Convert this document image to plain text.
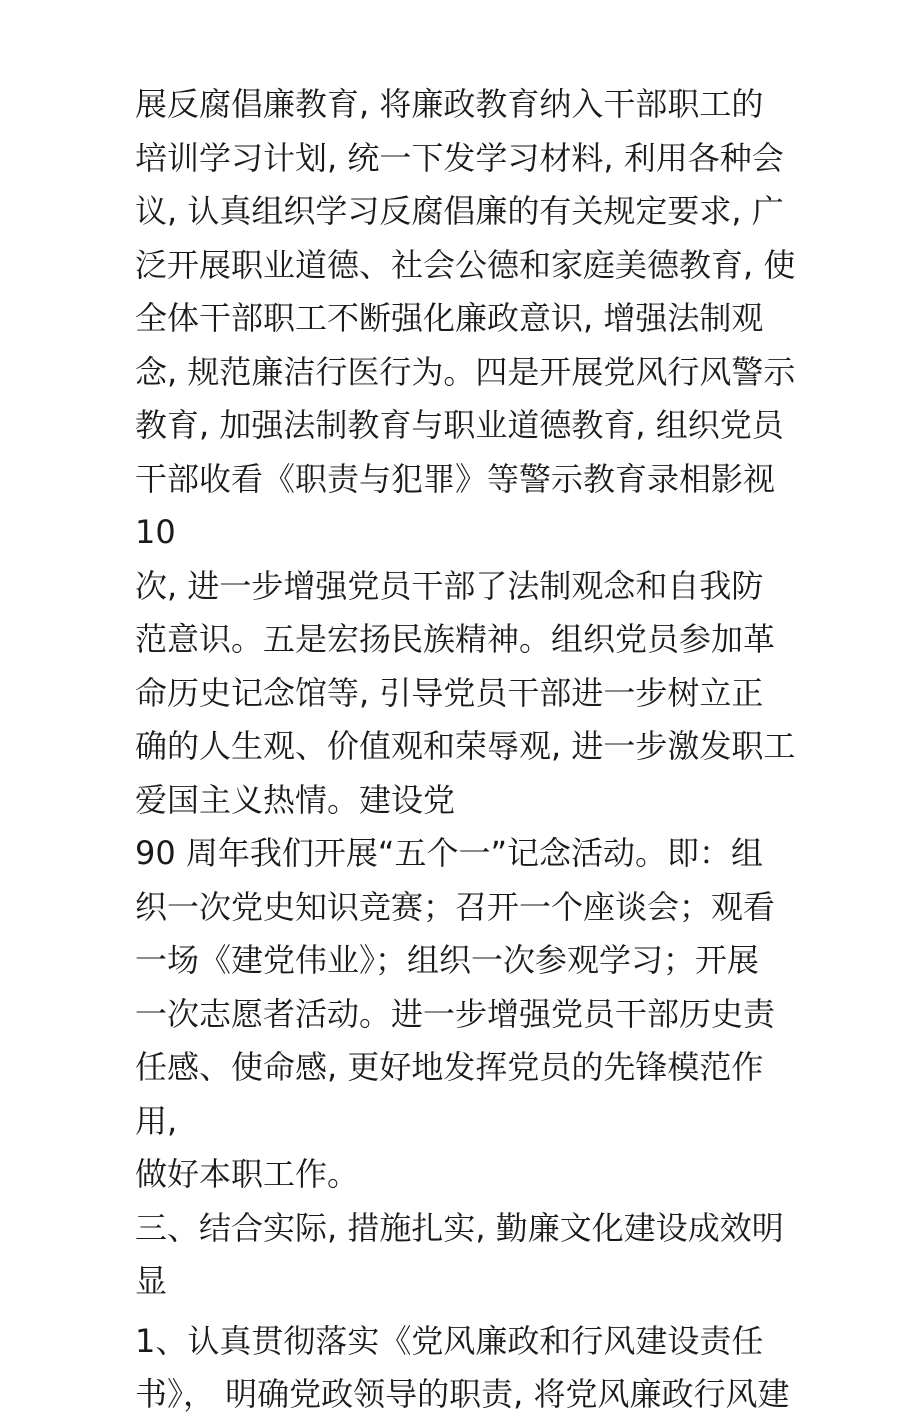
展反腐倡廉教育, 将廉政教育纳入干部职工的

培训学习计划, 统一下发学习材料, 利用各种会

议, 认真组织学习反腐倡廉的有关规定要求, 广

泛开展职业道德、社会公德和家庭美德教育, 使

全体干部职工不断强化廉政意识, 增强法制观

念, 规范廉洁行医行为。四是开展党风行风警示

教育, 加强法制教育与职业道德教育, 组织党员

干部收看《职责与犯罪》等警示教育录相影视 10

次, 进一步增强党员干部了法制观念和自我防

范意识。五是宏扬民族精神。组织党员参加革

命历史记念馆等, 引导党员干部进一步树立正

确的人生观、价值观和荣辱观, 进一步激发职工

爱国主义热情。建设党

90 周年我们开展“五个一”记念活动。即：组

织一次党史知识竞赛；召开一个座谈会；观看

一场《建党伟业》；组织一次参观学习；开展

一次志愿者活动。进一步增强党员干部历史责

任感、使命感, 更好地发挥党员的先锋模范作用,

做好本职工作。

三、结合实际, 措施扎实, 勤廉文化建设成效明

显

1、认真贯彻落实《党风廉政和行风建设责任

书》， 明确党政领导的职责, 将党风廉政行风建
